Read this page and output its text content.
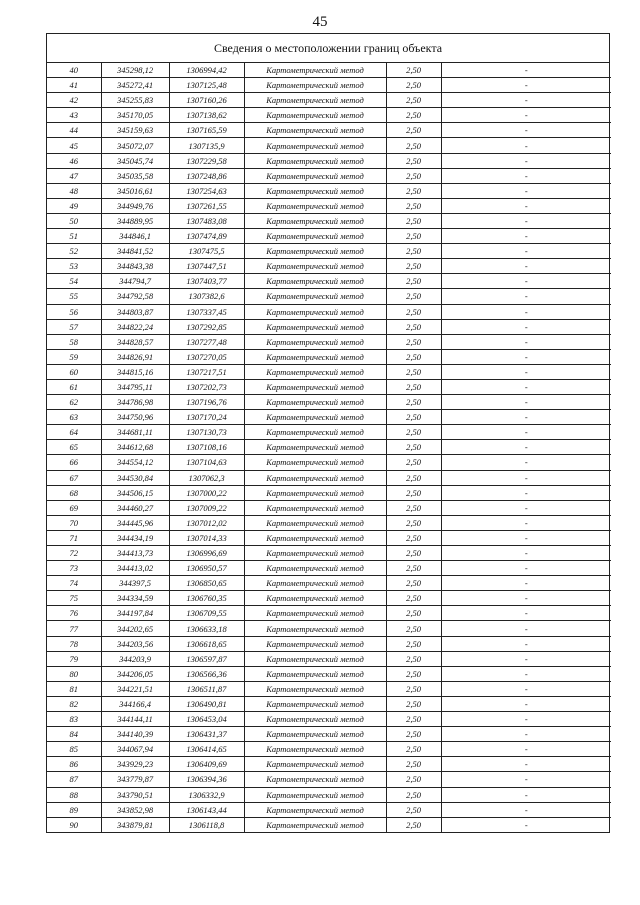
45
Сведения о местоположении границ объекта
40	345298,12	1306994,42	Картометрический метод	2,50	-
41	345272,41	1307125,48	Картометрический метод	2,50	-
42	345255,83	1307160,26	Картометрический метод	2,50	-
43	345170,05	1307138,62	Картометрический метод	2,50	-
44	345159,63	1307165,59	Картометрический метод	2,50	-
45	345072,07	1307135,9	Картометрический метод	2,50	-
46	345045,74	1307229,58	Картометрический метод	2,50	-
47	345035,58	1307248,86	Картометрический метод	2,50	-
48	345016,61	1307254,63	Картометрический метод	2,50	-
49	344949,76	1307261,55	Картометрический метод	2,50	-
50	344889,95	1307483,08	Картометрический метод	2,50	-
51	344846,1	1307474,89	Картометрический метод	2,50	-
52	344841,52	1307475,5	Картометрический метод	2,50	-
53	344843,38	1307447,51	Картометрический метод	2,50	-
54	344794,7	1307403,77	Картометрический метод	2,50	-
55	344792,58	1307382,6	Картометрический метод	2,50	-
56	344803,87	1307337,45	Картометрический метод	2,50	-
57	344822,24	1307292,85	Картометрический метод	2,50	-
58	344828,57	1307277,48	Картометрический метод	2,50	-
59	344826,91	1307270,05	Картометрический метод	2,50	-
60	344815,16	1307217,51	Картометрический метод	2,50	-
61	344795,11	1307202,73	Картометрический метод	2,50	-
62	344786,98	1307196,76	Картометрический метод	2,50	-
63	344750,96	1307170,24	Картометрический метод	2,50	-
64	344681,11	1307130,73	Картометрический метод	2,50	-
65	344612,68	1307108,16	Картометрический метод	2,50	-
66	344554,12	1307104,63	Картометрический метод	2,50	-
67	344530,84	1307062,3	Картометрический метод	2,50	-
68	344506,15	1307000,22	Картометрический метод	2,50	-
69	344460,27	1307009,22	Картометрический метод	2,50	-
70	344445,96	1307012,02	Картометрический метод	2,50	-
71	344434,19	1307014,33	Картометрический метод	2,50	-
72	344413,73	1306996,69	Картометрический метод	2,50	-
73	344413,02	1306950,57	Картометрический метод	2,50	-
74	344397,5	1306850,65	Картометрический метод	2,50	-
75	344334,59	1306760,35	Картометрический метод	2,50	-
76	344197,84	1306709,55	Картометрический метод	2,50	-
77	344202,65	1306633,18	Картометрический метод	2,50	-
78	344203,56	1306618,65	Картометрический метод	2,50	-
79	344203,9	1306597,87	Картометрический метод	2,50	-
80	344206,05	1306566,36	Картометрический метод	2,50	-
81	344221,51	1306511,87	Картометрический метод	2,50	-
82	344166,4	1306490,81	Картометрический метод	2,50	-
83	344144,11	1306453,04	Картометрический метод	2,50	-
84	344140,39	1306431,37	Картометрический метод	2,50	-
85	344067,94	1306414,65	Картометрический метод	2,50	-
86	343929,23	1306409,69	Картометрический метод	2,50	-
87	343779,87	1306394,36	Картометрический метод	2,50	-
88	343790,51	1306332,9	Картометрический метод	2,50	-
89	343852,98	1306143,44	Картометрический метод	2,50	-
90	343879,81	1306118,8	Картометрический метод	2,50	-
